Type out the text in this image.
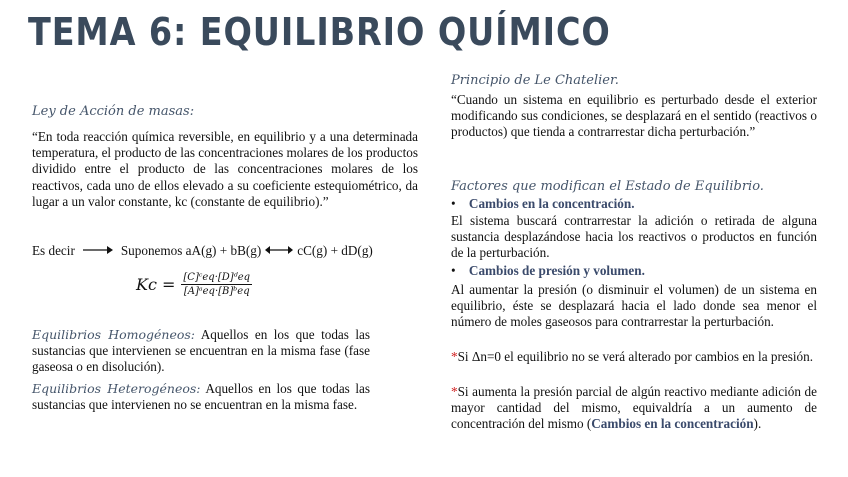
TEMA 6: EQUILIBRIO QUÍMICO
Ley de Acción de masas:
“En toda reacción química reversible, en equilibrio y a una determinada temperatura, el producto de las concentraciones molares de los productos dividido entre el producto de las concentraciones molares de los reactivos, cada uno de ellos elevado a su coeficiente estequiométrico, da lugar a un valor constante, kc (constante de equilibrio).”
Es decir	Suponemos aA(g) + bB(g)	cC(g) + dD(g)
$Kc = \frac{\text{[C]ᶜeq·[D]ᵈeq}}{\text{[A]ᵃeq·[B]ᵇeq}}$
Equilibrios Homogéneos: Aquellos en los que todas las sustancias que intervienen se encuentran en la misma fase (fase gaseosa o en disolución).
Equilibrios Heterogéneos: Aquellos en los que todas las sustancias que intervienen no se encuentran en la misma fase.
Principio de Le Chatelier.
“Cuando un sistema en equilibrio es perturbado desde el exterior modificando sus condiciones, se desplazará en el sentido (reactivos o productos) que tienda a contrarrestar dicha perturbación.”
Factores que modifican el Estado de Equilibrio.
• Cambios en la concentración.
El sistema buscará contrarrestar la adición o retirada de alguna sustancia desplazándose hacia los reactivos o productos en función de la perturbación.
• Cambios de presión y volumen.
Al aumentar la presión (o disminuir el volumen) de un sistema en equilibrio, éste se desplazará hacia el lado donde sea menor el número de moles gaseosos para contrarrestar la perturbación.
*Si Δn=0 el equilibrio no se verá alterado por cambios en la presión.
*Si aumenta la presión parcial de algún reactivo mediante adición de mayor cantidad del mismo, equivaldría a un aumento de concentración del mismo (Cambios en la concentración).
